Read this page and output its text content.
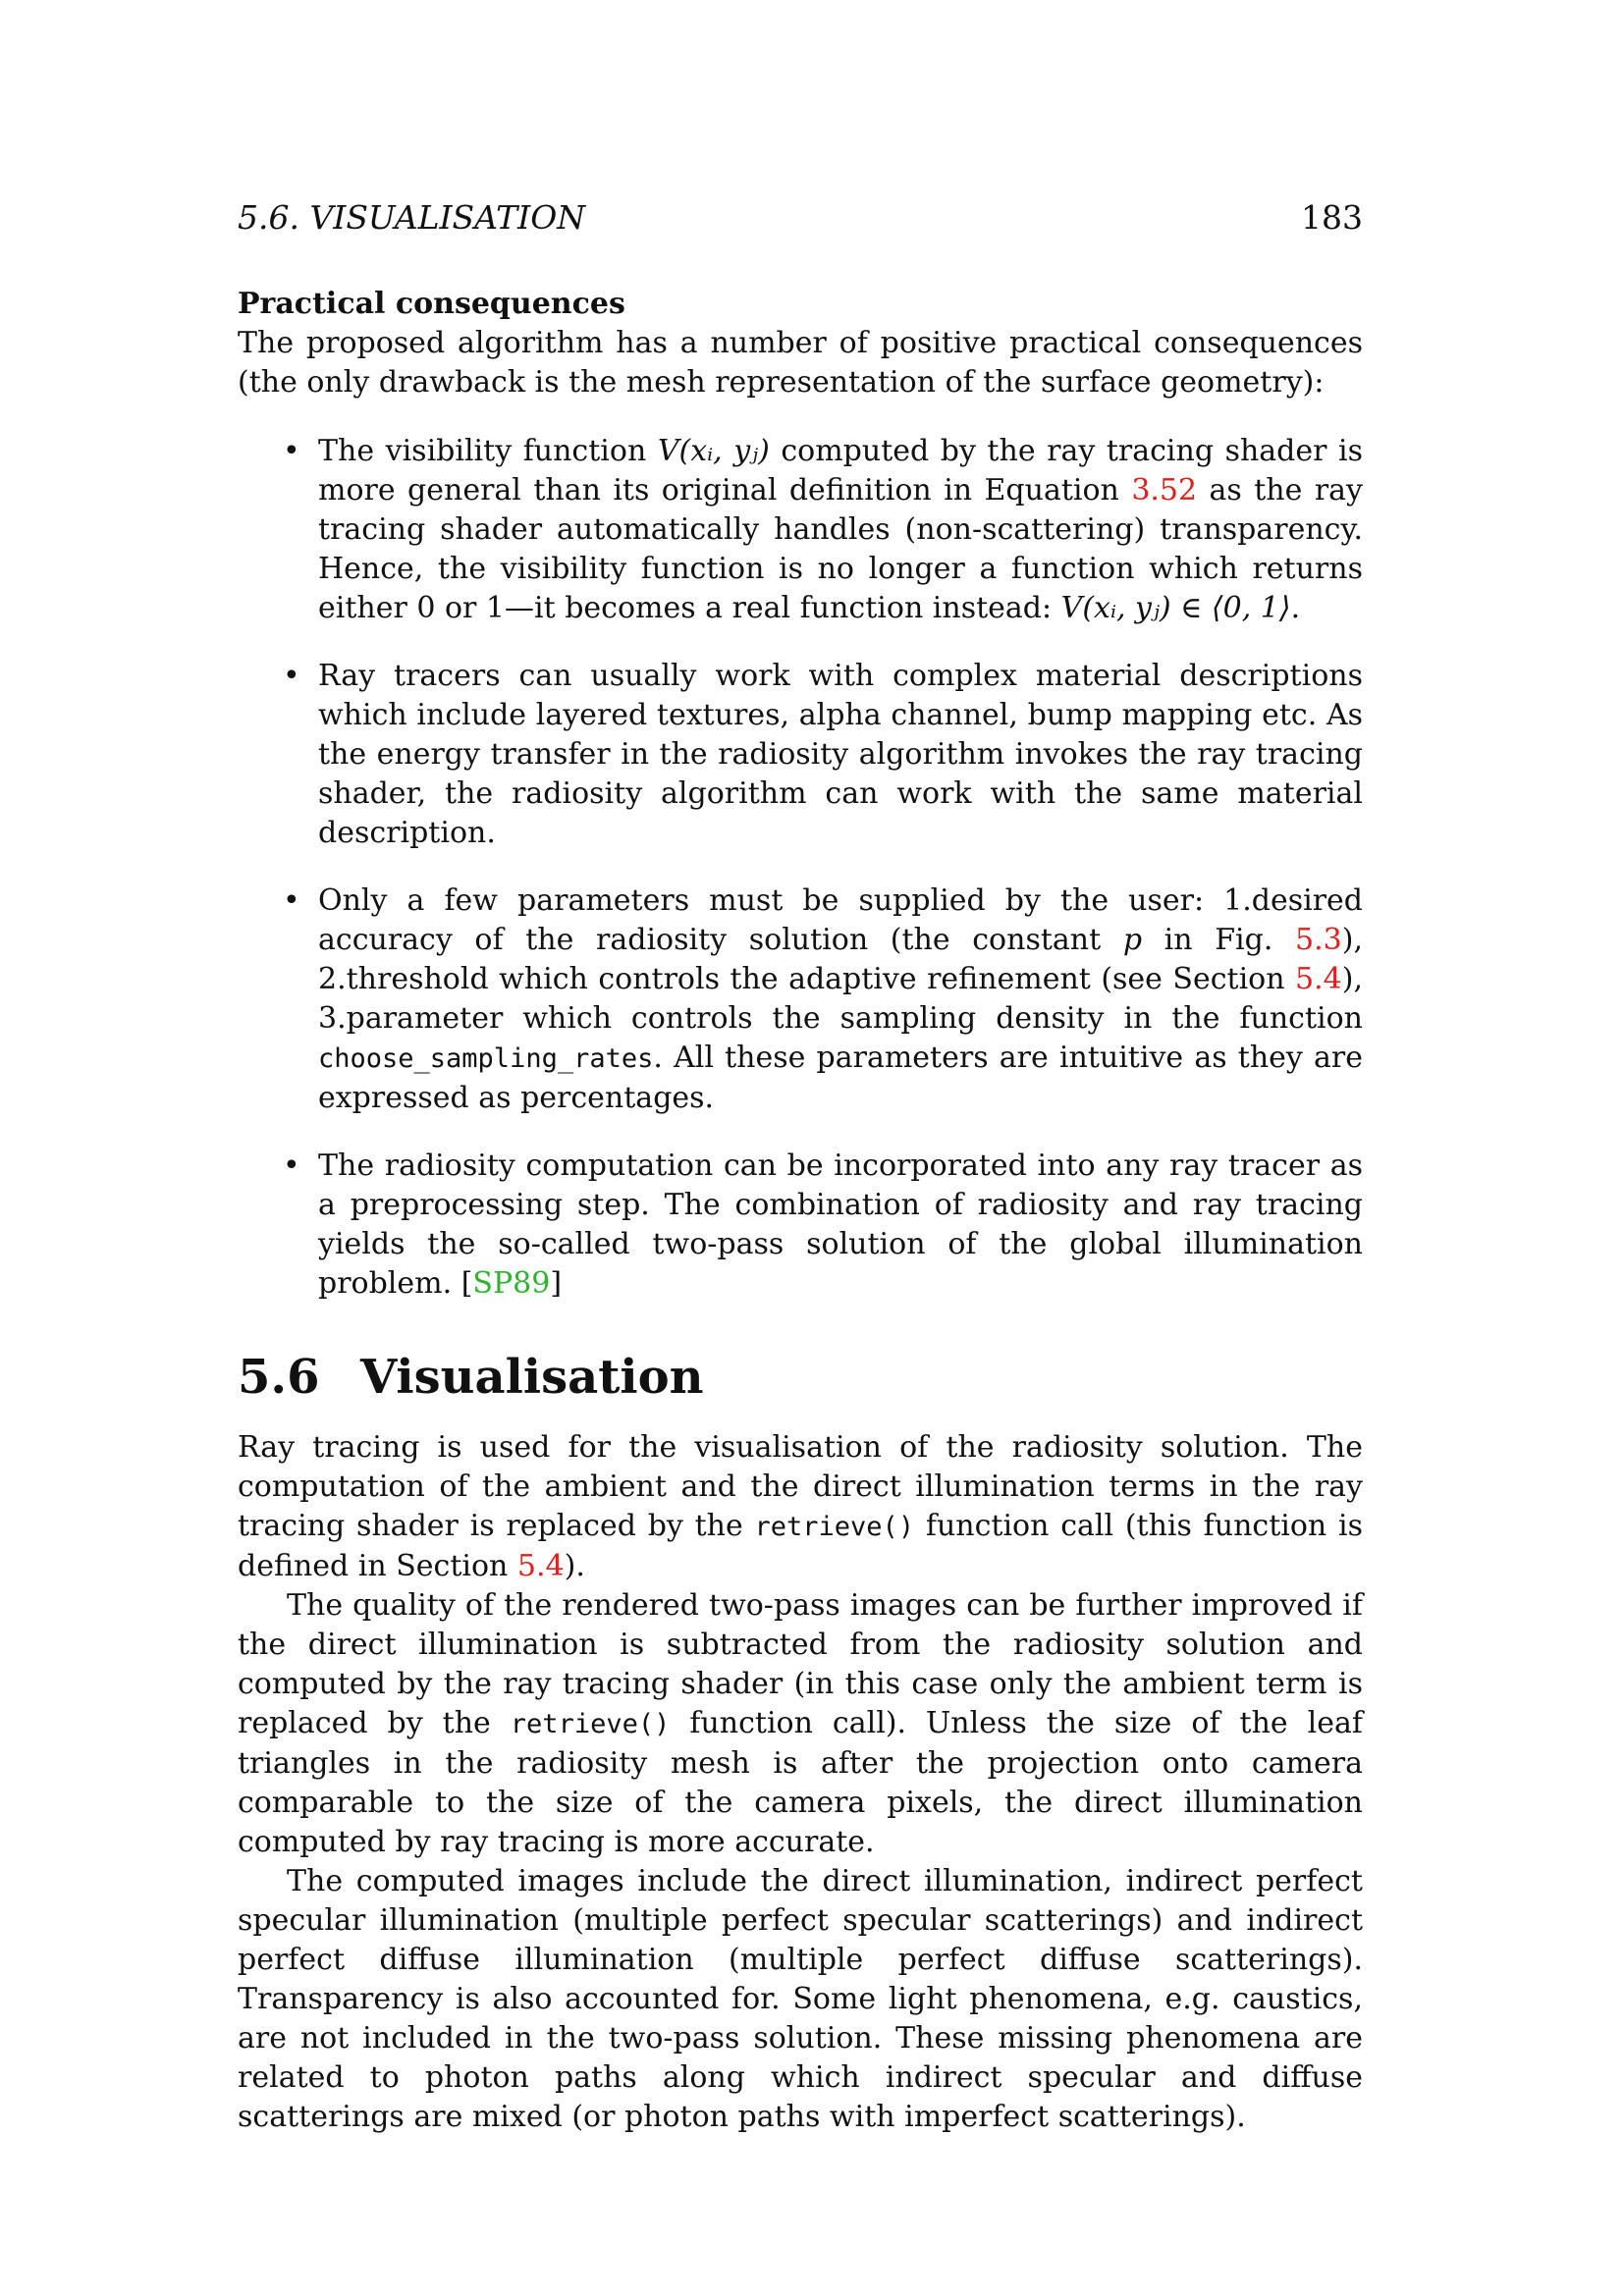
5.6. VISUALISATION	183

Practical consequences

The proposed algorithm has a number of positive practical consequences (the only drawback is the mesh representation of the surface geometry):

• The visibility function V(xᵢ, yⱼ) computed by the ray tracing shader is more general than its original definition in Equation 3.52 as the ray tracing shader automatically handles (non-scattering) transparency. Hence, the visibility function is no longer a function which returns either 0 or 1—it becomes a real function instead: V(xᵢ, yⱼ) ∈ ⟨0, 1⟩.
• Ray tracers can usually work with complex material descriptions which include layered textures, alpha channel, bump mapping etc. As the energy transfer in the radiosity algorithm invokes the ray tracing shader, the radiosity algorithm can work with the same material description.
• Only a few parameters must be supplied by the user: 1.desired accuracy of the radiosity solution (the constant p in Fig. 5.3), 2.threshold which controls the adaptive refinement (see Section 5.4), 3.parameter which controls the sampling density in the function choose_sampling_rates. All these parameters are intuitive as they are expressed as percentages.
• The radiosity computation can be incorporated into any ray tracer as a preprocessing step. The combination of radiosity and ray tracing yields the so-called two-pass solution of the global illumination problem. [SP89]
5.6 Visualisation

Ray tracing is used for the visualisation of the radiosity solution. The computation of the ambient and the direct illumination terms in the ray tracing shader is replaced by the retrieve() function call (this function is defined in Section 5.4).

The quality of the rendered two-pass images can be further improved if the direct illumination is subtracted from the radiosity solution and computed by the ray tracing shader (in this case only the ambient term is replaced by the retrieve() function call). Unless the size of the leaf triangles in the radiosity mesh is after the projection onto camera comparable to the size of the camera pixels, the direct illumination computed by ray tracing is more accurate.

The computed images include the direct illumination, indirect perfect specular illumination (multiple perfect specular scatterings) and indirect perfect diffuse illumination (multiple perfect diffuse scatterings). Transparency is also accounted for. Some light phenomena, e.g. caustics, are not included in the two-pass solution. These missing phenomena are related to photon paths along which indirect specular and diffuse scatterings are mixed (or photon paths with imperfect scatterings).
